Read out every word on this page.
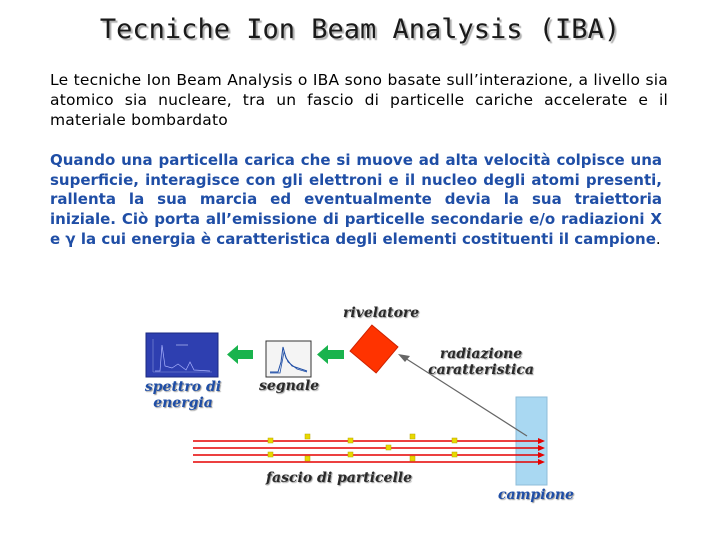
Tecniche Ion Beam Analysis (IBA)
Le tecniche Ion Beam Analysis o IBA sono basate sull’interazione, a livello sia atomico sia nucleare, tra un fascio di particelle cariche accelerate e il materiale bombardato
Quando una particella carica che si muove ad alta velocità colpisce una superficie, interagisce con gli elettroni e il nucleo degli atomi presenti, rallenta la sua marcia ed eventualmente devia la sua traiettoria iniziale. Ciò porta all’emissione di particelle secondarie e/o radiazioni X e γ la cui energia è caratteristica degli elementi costituenti il campione.
rivelatore
radiazione caratteristica
segnale
spettro di energia
fascio di particelle
campione
